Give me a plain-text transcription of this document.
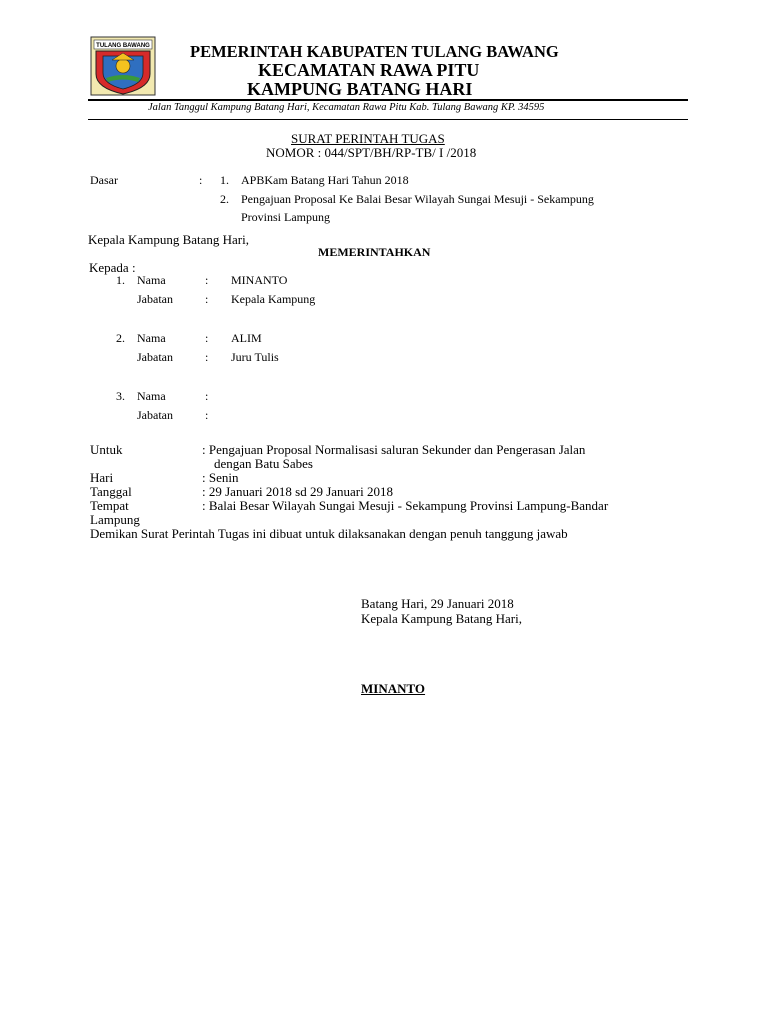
TULANG BAWANG PEMERINTAH KABUPATEN TULANG BAWANG
KECAMATAN RAWA PITU
KAMPUNG BATANG HARI
Jalan Tanggul Kampung Batang Hari, Kecamatan Rawa Pitu Kab. Tulang Bawang KP. 34595
SURAT PERINTAH TUGAS
NOMOR : 044/SPT/BH/RP-TB/ I /2018
Dasar	: 1. APBKam Batang Hari Tahun 2018
2. Pengajuan Proposal Ke Balai Besar Wilayah Sungai Mesuji - Sekampung
Provinsi Lampung
Kepala Kampung Batang Hari,
MEMERINTAHKAN
Kepada :
1. Nama	: MINANTO
Jabatan	: Kepala Kampung
2. Nama	: ALIM
Jabatan	: Juru Tulis
3. Nama	:
Jabatan	:
Untuk	: Pengajuan Proposal Normalisasi saluran Sekunder dan Pengerasan Jalan
dengan Batu Sabes
Hari	: Senin
Tanggal	: 29 Januari 2018 sd 29 Januari 2018
Tempat	: Balai Besar Wilayah Sungai Mesuji - Sekampung Provinsi Lampung-Bandar
Lampung
Demikan Surat Perintah Tugas ini dibuat untuk dilaksanakan dengan penuh tanggung jawab
Batang Hari, 29 Januari 2018
Kepala Kampung Batang Hari,
MINANTO
